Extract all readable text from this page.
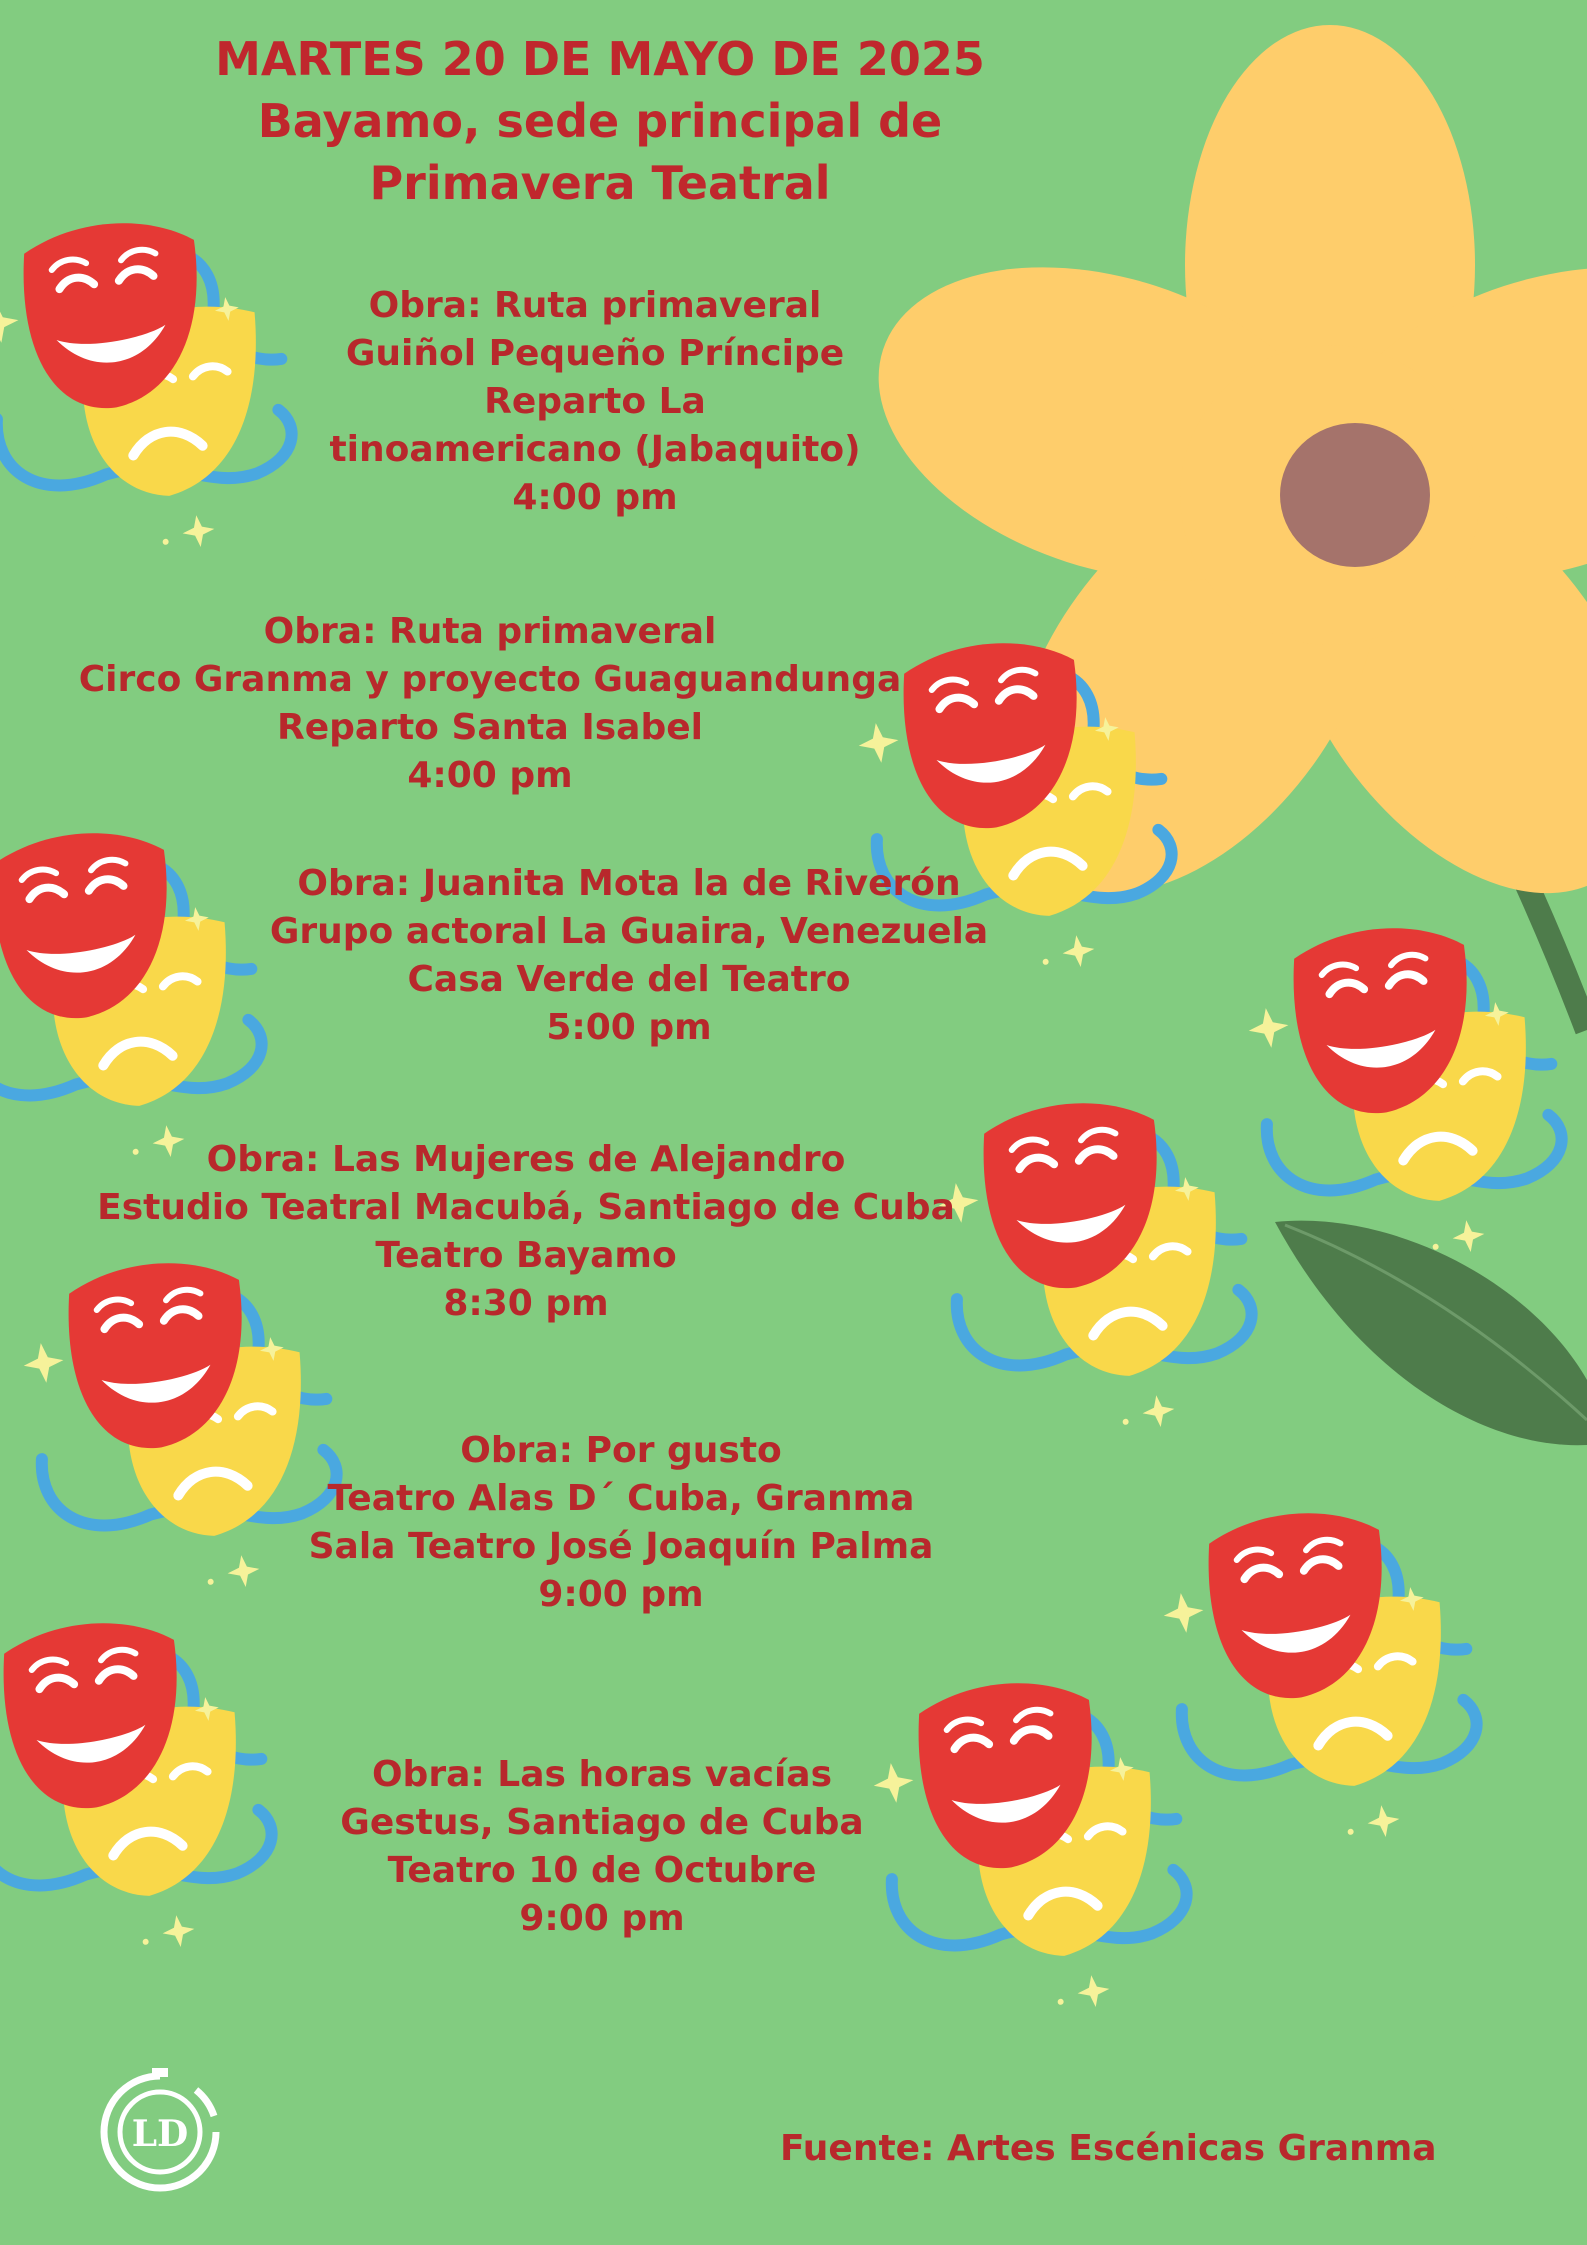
MARTES 20 DE MAYO DE 2025
Bayamo, sede principal de
Primavera Teatral
Obra: Ruta primaveral
Guiñol Pequeño Príncipe
Reparto La
tinoamericano (Jabaquito)
4:00 pm
Obra: Ruta primaveral
Circo Granma y proyecto Guaguandunga
Reparto Santa Isabel
4:00 pm
Obra: Juanita Mota la de Riverón
Grupo actoral La Guaira, Venezuela
Casa Verde del Teatro
5:00 pm
Obra: Las Mujeres de Alejandro
Estudio Teatral Macubá, Santiago de Cuba
Teatro Bayamo
8:30 pm
Obra: Por gusto
Teatro Alas D´ Cuba, Granma
Sala Teatro José Joaquín Palma
9:00 pm
Obra: Las horas vacías
Gestus, Santiago de Cuba
Teatro 10 de Octubre
9:00 pm
LD	Fuente: Artes Escénicas Granma
